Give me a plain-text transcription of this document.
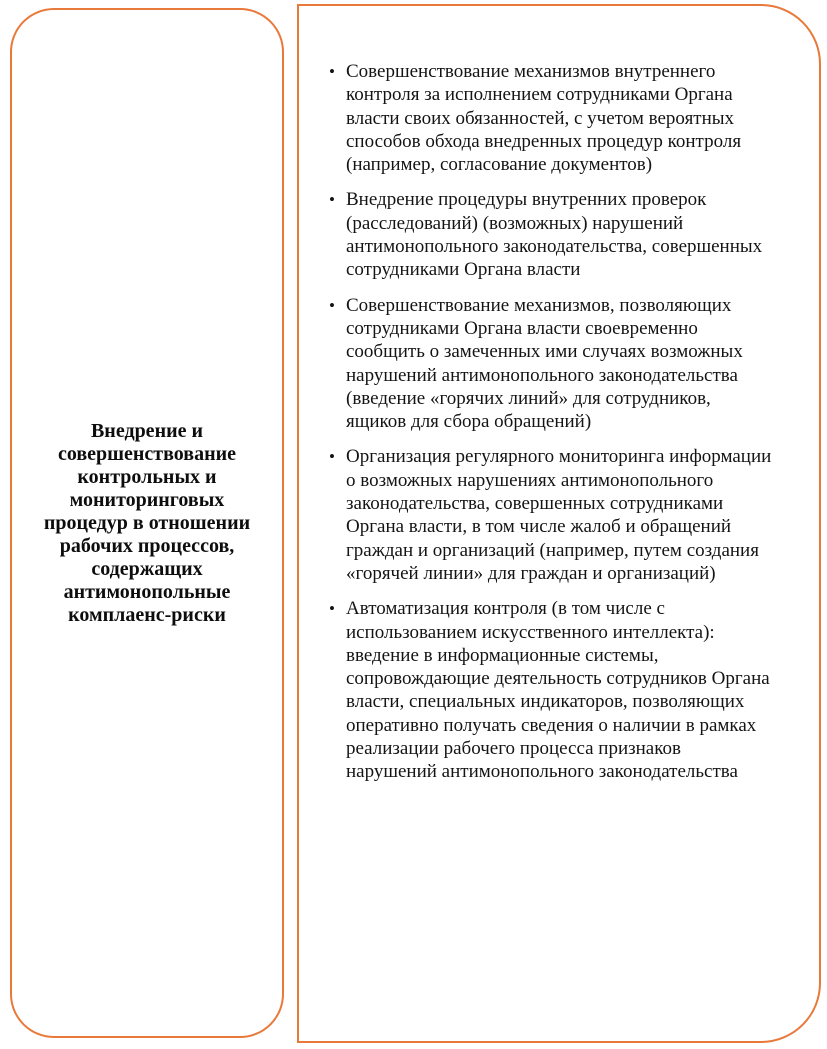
Внедрение и совершенствование контрольных и мониторинговых процедур в отношении рабочих процессов, содержащих антимонопольные комплаенс-риски
• Совершенствование механизмов внутреннего контроля за исполнением сотрудниками Органа власти своих обязанностей, с учетом вероятных способов обхода внедренных процедур контроля (например, согласование документов)
• Внедрение процедуры внутренних проверок (расследований) (возможных) нарушений антимонопольного законодательства, совершенных сотрудниками Органа власти
• Совершенствование механизмов, позволяющих сотрудниками Органа власти своевременно сообщить о замеченных ими случаях возможных нарушений антимонопольного законодательства (введение «горячих линий» для сотрудников, ящиков для сбора обращений)
• Организация регулярного мониторинга информации о возможных нарушениях антимонопольного законодательства, совершенных сотрудниками Органа власти, в том числе жалоб и обращений граждан и организаций (например, путем создания «горячей линии» для граждан и организаций)
• Автоматизация контроля (в том числе с использованием искусственного интеллекта): введение в информационные системы, сопровождающие деятельность сотрудников Органа власти, специальных индикаторов, позволяющих оперативно получать сведения о наличии в рамках реализации рабочего процесса признаков нарушений антимонопольного законодательства
